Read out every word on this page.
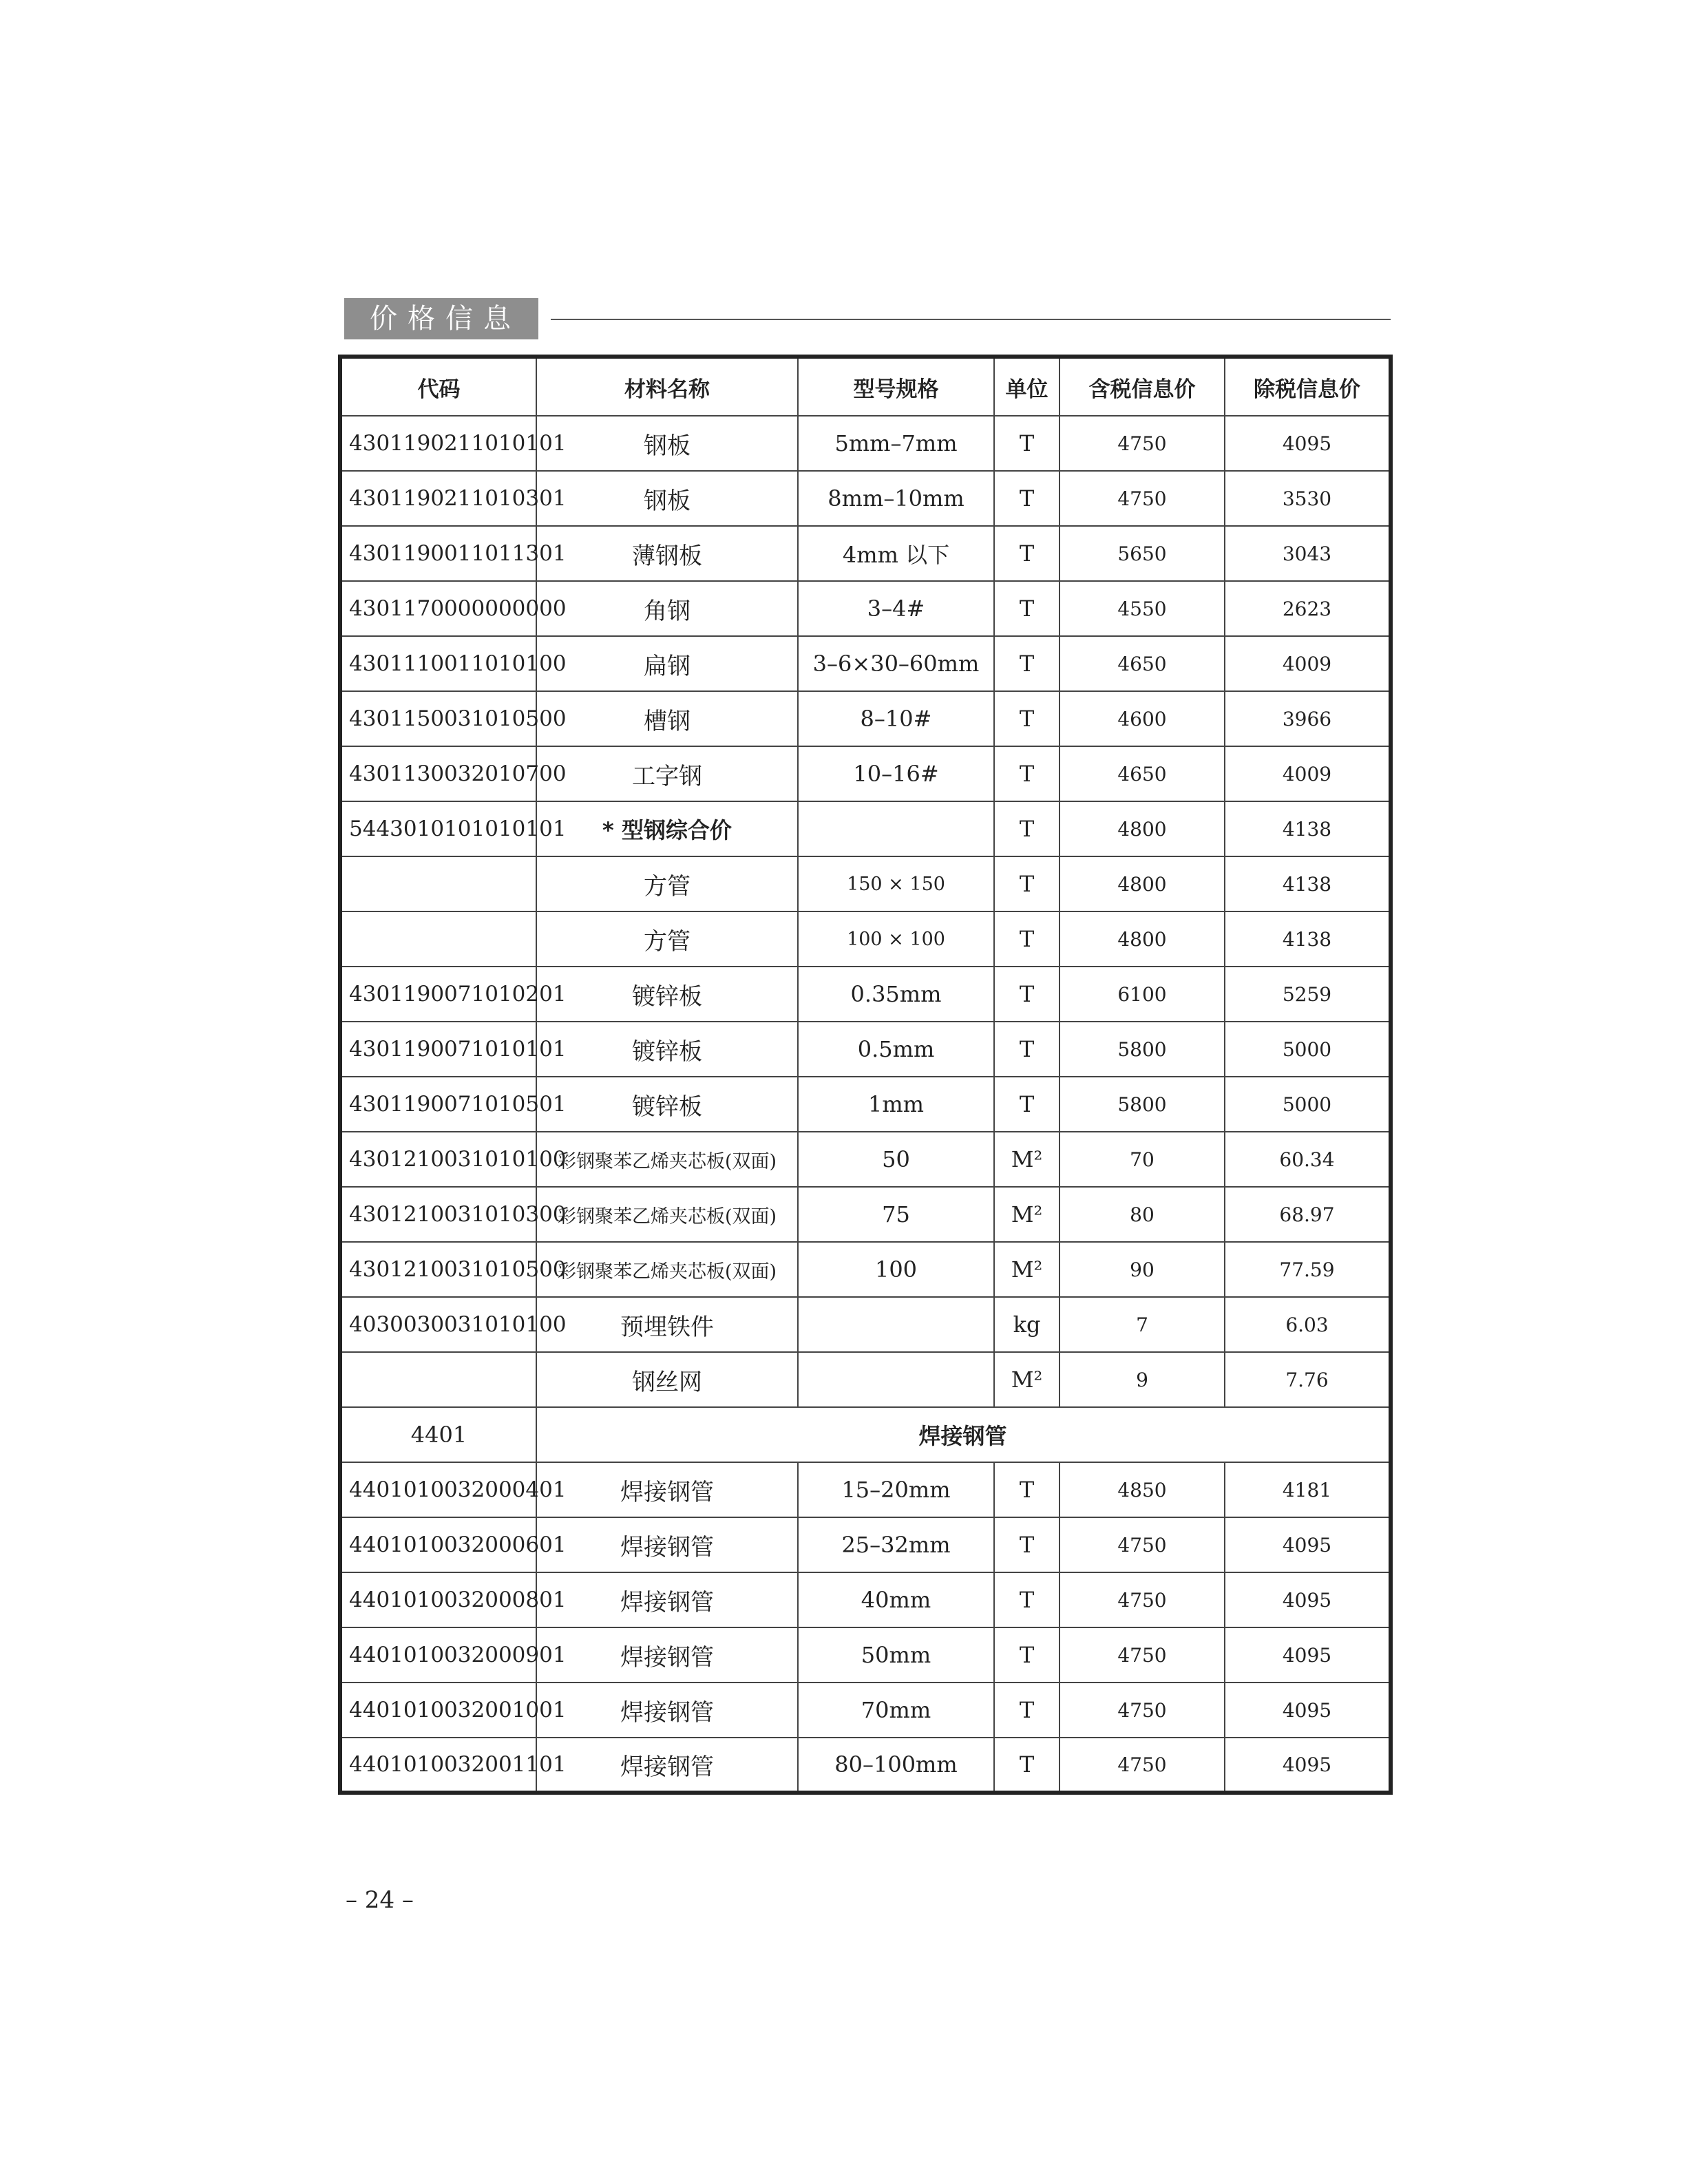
价格信息
代码	材料名称	型号规格	单位	含税信息价	除税信息价
4301190211010101	钢板	5mm–7mm	T	4750	4095
4301190211010301	钢板	8mm–10mm	T	4750	3530
4301190011011301	薄钢板	4mm 以下	T	5650	3043
4301170000000000	角钢	3–4#	T	4550	2623
4301110011010100	扁钢	3–6×30–60mm	T	4650	4009
4301150031010500	槽钢	8–10#	T	4600	3966
4301130032010700	工字钢	10–16#	T	4650	4009
5443010101010101	* 型钢综合价		T	4800	4138
	方管	150 × 150	T	4800	4138
	方管	100 × 100	T	4800	4138
4301190071010201	镀锌板	0.35mm	T	6100	5259
4301190071010101	镀锌板	0.5mm	T	5800	5000
4301190071010501	镀锌板	1mm	T	5800	5000
4301210031010100	彩钢聚苯乙烯夹芯板(双面)	50	M²	70	60.34
4301210031010300	彩钢聚苯乙烯夹芯板(双面)	75	M²	80	68.97
4301210031010500	彩钢聚苯乙烯夹芯板(双面)	100	M²	90	77.59
4030030031010100	预埋铁件		kg	7	6.03
	钢丝网		M²	9	7.76
4401	焊接钢管				
4401010032000401	焊接钢管	15–20mm	T	4850	4181
4401010032000601	焊接钢管	25–32mm	T	4750	4095
4401010032000801	焊接钢管	40mm	T	4750	4095
4401010032000901	焊接钢管	50mm	T	4750	4095
4401010032001001	焊接钢管	70mm	T	4750	4095
4401010032001101	焊接钢管	80–100mm	T	4750	4095
– 24 –
